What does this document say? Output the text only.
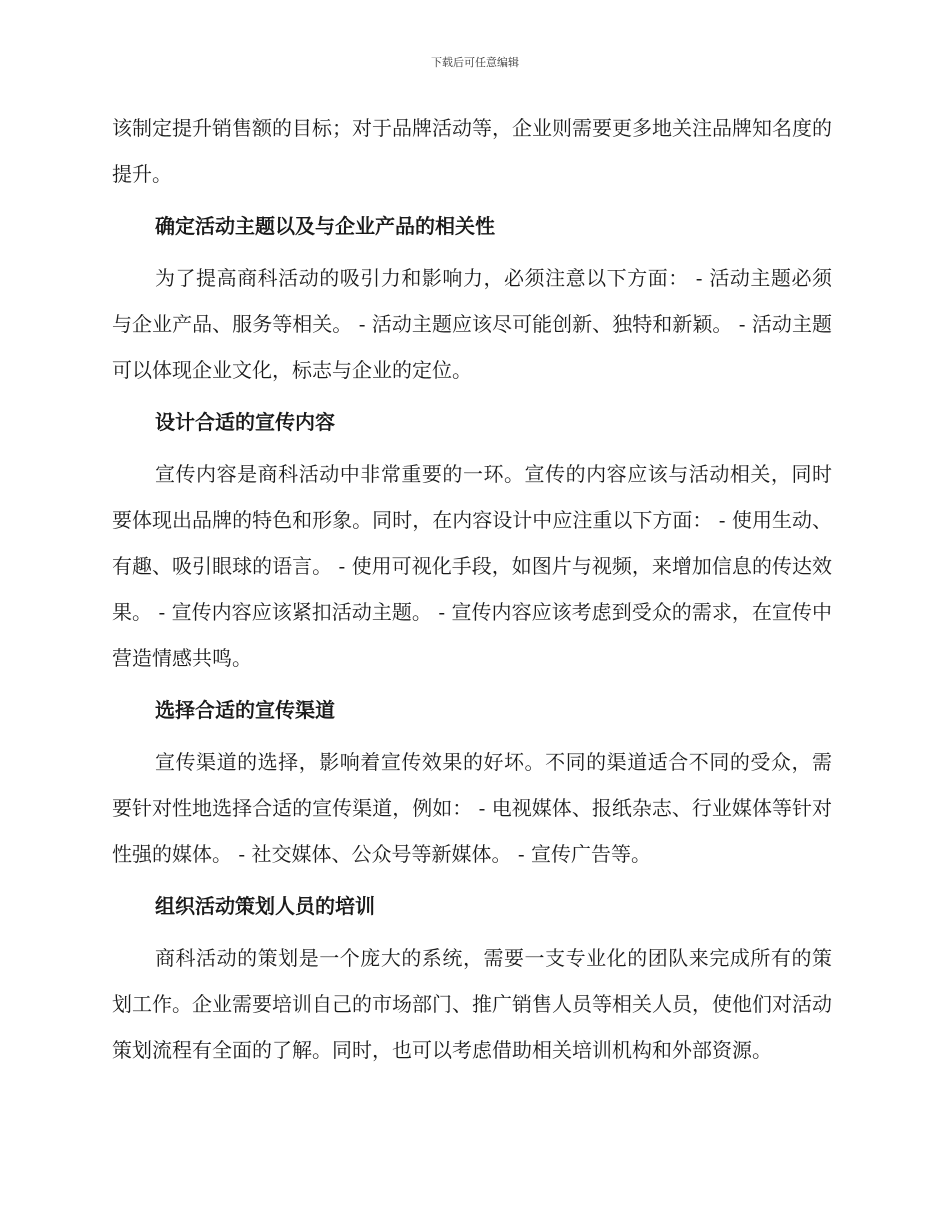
下载后可任意编辑

该制定提升销售额的目标；对于品牌活动等，企业则需要更多地关注品牌知名度的提升。

确定活动主题以及与企业产品的相关性

为了提高商科活动的吸引力和影响力，必须注意以下方面： - 活动主题必须与企业产品、服务等相关。 - 活动主题应该尽可能创新、独特和新颖。 - 活动主题可以体现企业文化，标志与企业的定位。

设计合适的宣传内容

宣传内容是商科活动中非常重要的一环。宣传的内容应该与活动相关，同时要体现出品牌的特色和形象。同时，在内容设计中应注重以下方面： - 使用生动、有趣、吸引眼球的语言。 - 使用可视化手段，如图片与视频，来增加信息的传达效果。 - 宣传内容应该紧扣活动主题。 - 宣传内容应该考虑到受众的需求，在宣传中营造情感共鸣。

选择合适的宣传渠道

宣传渠道的选择，影响着宣传效果的好坏。不同的渠道适合不同的受众，需要针对性地选择合适的宣传渠道，例如： - 电视媒体、报纸杂志、行业媒体等针对性强的媒体。 - 社交媒体、公众号等新媒体。 - 宣传广告等。

组织活动策划人员的培训

商科活动的策划是一个庞大的系统，需要一支专业化的团队来完成所有的策划工作。企业需要培训自己的市场部门、推广销售人员等相关人员，使他们对活动策划流程有全面的了解。同时，也可以考虑借助相关培训机构和外部资源。
